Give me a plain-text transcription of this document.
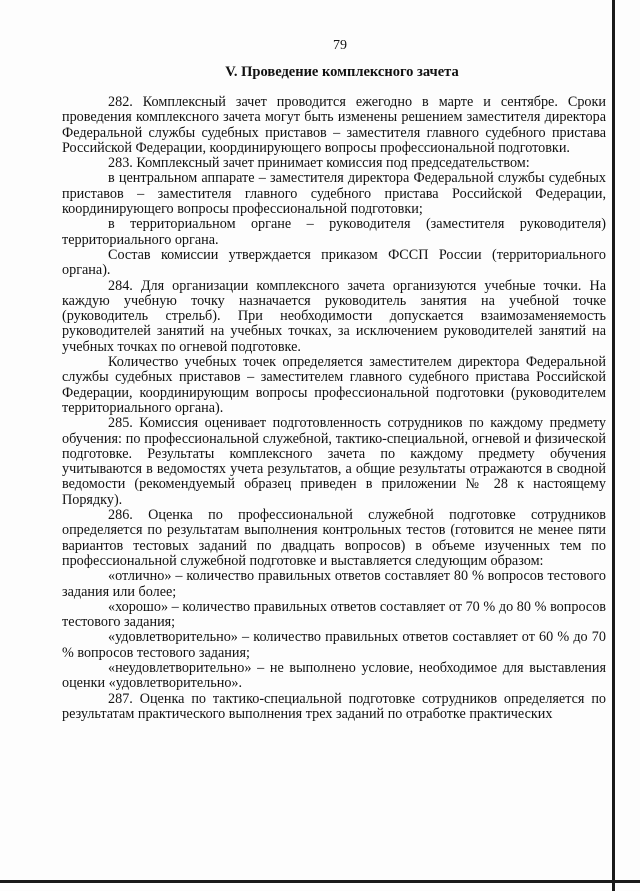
79
V. Проведение комплексного зачета

282. Комплексный зачет проводится ежегодно в марте и сентябре. Сроки проведения комплексного зачета могут быть изменены решением заместителя директора Федеральной службы судебных приставов – заместителя главного судебного пристава Российской Федерации, координирующего вопросы профессиональной подготовки.

283. Комплексный зачет принимает комиссия под председательством:

в центральном аппарате – заместителя директора Федеральной службы судебных приставов – заместителя главного судебного пристава Российской Федерации, координирующего вопросы профессиональной подготовки;

в территориальном органе – руководителя (заместителя руководителя) территориального органа.

Состав комиссии утверждается приказом ФССП России (территориального органа).

284. Для организации комплексного зачета организуются учебные точки. На каждую учебную точку назначается руководитель занятия на учебной точке (руководитель стрельб). При необходимости допускается взаимозаменяемость руководителей занятий на учебных точках, за исключением руководителей занятий на учебных точках по огневой подготовке.

Количество учебных точек определяется заместителем директора Федеральной службы судебных приставов – заместителем главного судебного пристава Российской Федерации, координирующим вопросы профессиональной подготовки (руководителем территориального органа).

285. Комиссия оценивает подготовленность сотрудников по каждому предмету обучения: по профессиональной служебной, тактико-специальной, огневой и физической подготовке. Результаты комплексного зачета по каждому предмету обучения учитываются в ведомостях учета результатов, а общие результаты отражаются в сводной ведомости (рекомендуемый образец приведен в приложении № 28 к настоящему Порядку).

286. Оценка по профессиональной служебной подготовке сотрудников определяется по результатам выполнения контрольных тестов (готовится не менее пяти вариантов тестовых заданий по двадцать вопросов) в объеме изученных тем по профессиональной служебной подготовке и выставляется следующим образом:

«отлично» – количество правильных ответов составляет 80 % вопросов тестового задания или более;

«хорошо» – количество правильных ответов составляет от 70 % до 80 % вопросов тестового задания;

«удовлетворительно» – количество правильных ответов составляет от 60 % до 70 % вопросов тестового задания;

«неудовлетворительно» – не выполнено условие, необходимое для выставления оценки «удовлетворительно».

287. Оценка по тактико-специальной подготовке сотрудников определяется по результатам практического выполнения трех заданий по отработке практических
